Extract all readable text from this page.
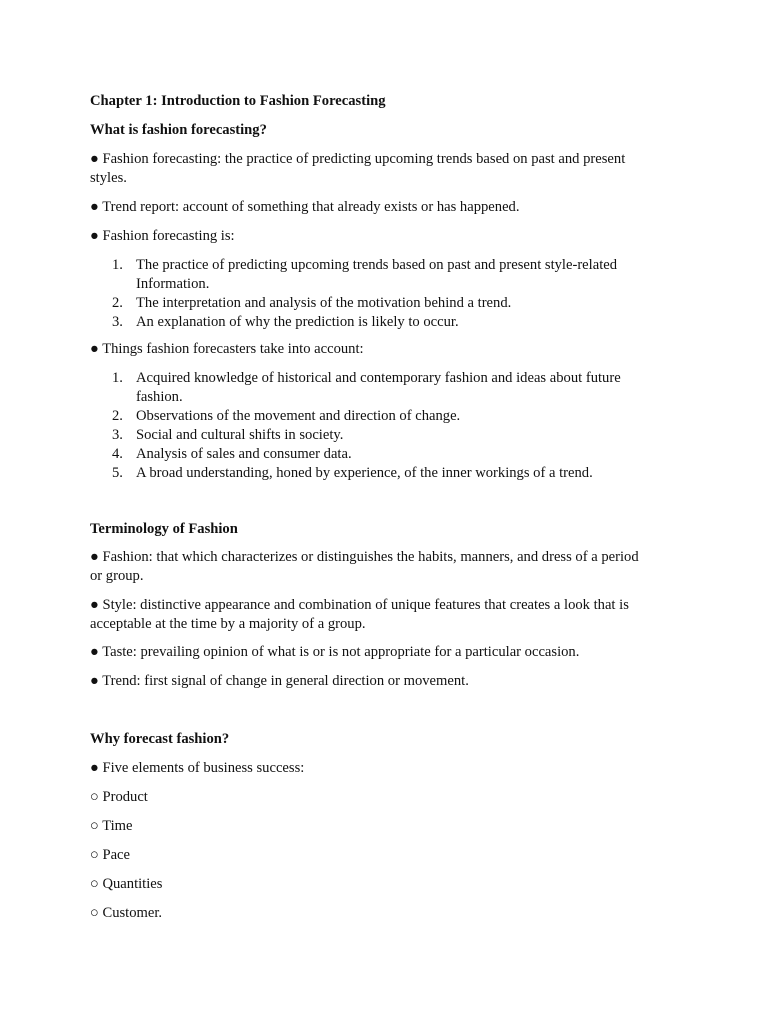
Chapter 1: Introduction to Fashion Forecasting
What is fashion forecasting?
● Fashion forecasting: the practice of predicting upcoming trends based on past and present styles.
● Trend report: account of something that already exists or has happened.
● Fashion forecasting is:
1. The practice of predicting upcoming trends based on past and present style-related Information.
2. The interpretation and analysis of the motivation behind a trend.
3. An explanation of why the prediction is likely to occur.
● Things fashion forecasters take into account:
1. Acquired knowledge of historical and contemporary fashion and ideas about future fashion.
2. Observations of the movement and direction of change.
3. Social and cultural shifts in society.
4. Analysis of sales and consumer data.
5. A broad understanding, honed by experience, of the inner workings of a trend.
Terminology of Fashion
● Fashion: that which characterizes or distinguishes the habits, manners, and dress of a period or group.
● Style: distinctive appearance and combination of unique features that creates a look that is acceptable at the time by a majority of a group.
● Taste: prevailing opinion of what is or is not appropriate for a particular occasion.
● Trend: first signal of change in general direction or movement.
Why forecast fashion?
● Five elements of business success:
○ Product
○ Time
○ Pace
○ Quantities
○ Customer.
